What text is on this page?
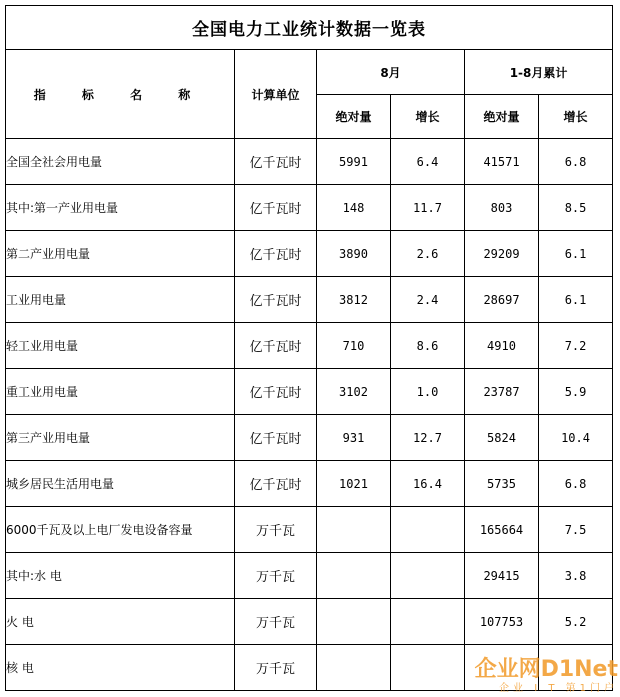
全国电力工业统计数据一览表					
指 标 名 称	计算单位	8月		1-8月累计	
		绝对量	增长	绝对量	增长
全国全社会用电量	亿千瓦时	5991	6.4	41571	6.8
其中:第一产业用电量	亿千瓦时	148	11.7	803	8.5
第二产业用电量	亿千瓦时	3890	2.6	29209	6.1
工业用电量	亿千瓦时	3812	2.4	28697	6.1
轻工业用电量	亿千瓦时	710	8.6	4910	7.2
重工业用电量	亿千瓦时	3102	1.0	23787	5.9
第三产业用电量	亿千瓦时	931	12.7	5824	10.4
城乡居民生活用电量	亿千瓦时	1021	16.4	5735	6.8
6000千瓦及以上电厂发电设备容量	万千瓦			165664	7.5
其中:水 电	万千瓦			29415	3.8
火 电	万千瓦			107753	5.2
核 电	万千瓦					企业网D1Net
企业 I T 第1门户
